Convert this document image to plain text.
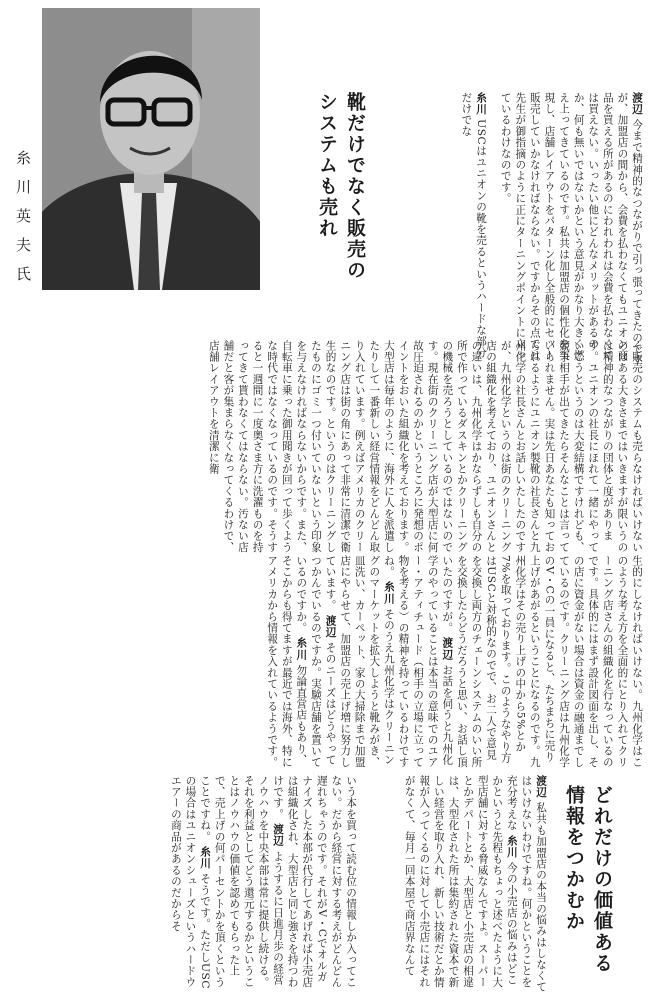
糸川英夫氏
渡辺 今まで精神的なつながりで引っ張ってきたのですが、加盟店の間から、会費を払わなくてもユニオン商品を買える所があるのにわれわれは会費を払わなくては買えない。いったい他にどんなメリットがあるのか、何も無いではないかという意見がかなり大きく燃え上ってきているのです。私共は加盟店の個性化を実現し、店舗レイアウトをパターン化し全般的にセット販売していかなければならない。ですからその点では先生が御指摘のように正にターニングポイントに立っているわけなのです。
糸川 USCはユニオンの靴を売るというハードな部分だけでな
靴だけでなく販売の
システムも売れ
く販売のシステムも売らなければいけないのはある大きさまではいきますが限いうのは精神的なつながりの団体と度があります。ユニオンの社長にほれて一緒にやっていこうというのは大変結構ですけれども、競争相手が出てきたらそんなことは言っていられません。実は先日あなたも知っておられるようにユニオン製靴の社長さんと九州化学の社長さんとお話しいたしたのですが、九州化学というのは街のクリーニング店の組織化を考えており、ユニオンさんとの違いは、九州化学はかならずしも自分の所で作っているダスキンとかクリーニングの機械を売ろうとしているのではないのです。現在街のクリーニング店が大型店に何故圧迫されるのかというところに発想のポイントをおいた組織化を考えております。大型店は毎年のように、海外に人を派遣したりして一番新しい経営情報をどんどん取り入れています。例えばアメリカのクリーニング店は街の角にあって非常に清潔で衛生的なのです。というのはクリーニングしたものにゴミ一つ付いていないという印象を与えなければならないからです。また、自転車に乗った御用聞きが回って歩くような時代ではなくなっているのです。そうすると一週間に一度奥さま方に洗濯ものを持ってきて貰わなくてはならない。汚ない店舗だと客が集まらなくなってくるわけで、店舗レイアウトを清潔に衛
生的にしなければいけない。九州化学はこのような考え方を全面的にとり入れてクリーニング店さんの組織化を行なっているのです。具体的にはまず設計図面を出し、その店に資金がない場合は資金の融通までしているのです。クリーニング店は九州化学のV・Cの一員になると、たちまちに売り上げがあがるということになるのです。九州化学はその売り上げの中から5%とか7%を取っております。このようなやり方はUSCと対称的なのでで、お二人で意見を交換し両方のチェーンシステムのいい所を交換したらどうだろうと思い、お話し頂いたのですが。 渡辺 お話を伺うと九州化学のやっていることは本当の意味でのユアー・アティチュード（相手の立場に立って物を考える）の精神を持っているわけですね。 糸川 そのうえ九州化学はクリーニングのマーケットを拡大しようと靴みがき、皿洗い、カーペット、家の大掃除まで加盟店にやらせて、加盟店の売上げ増に努力しています。 渡辺 そのニーズはどうやってつかんでいるのですか。実験店舗を置いているのですか。 糸川 勿論直営店もあり、そこからも得てますが最近では海外、特にアメリカから情報を入れているようです。
いう本を買って読む位の情報しか入ってこない。だから経営に対する考えがどんどん遅れちゃうのです。それがV・Cでオルガナイズした本部が代行してあげれば小売店は組織化され、大型店と同じ強さを持つわけです。 渡辺 ようするに日進月歩の経営ノウハウを中央本部は常に提供し続ける。それを利益としてどう還元するかということはノウハウの価値を認めてもらった上で、売上げの何パーセントかを頂くということですね。 糸川 そうです。ただしUSCの場合はユニオンシューズというハードウエアーの商品があるのだからそ	渡辺 私共も加盟店の本当の悩みはしなくてはいけないわけですね。何かということを充分考えな 糸川 今の小売店の悩みはどこかというと先程もちょっと述べたように大型店舗に対する脅威なんですよ。スーパーとかデパートとか、大型店と小売店の相違は、大型化された所は集約された資本で新しい経営を取り入れ、新しい技術だとか情報が入ってくるのに対して小売店にはそれがなくて、毎月一回本屋で商店界なんて	どれだけの価値ある
情報をつかむか
